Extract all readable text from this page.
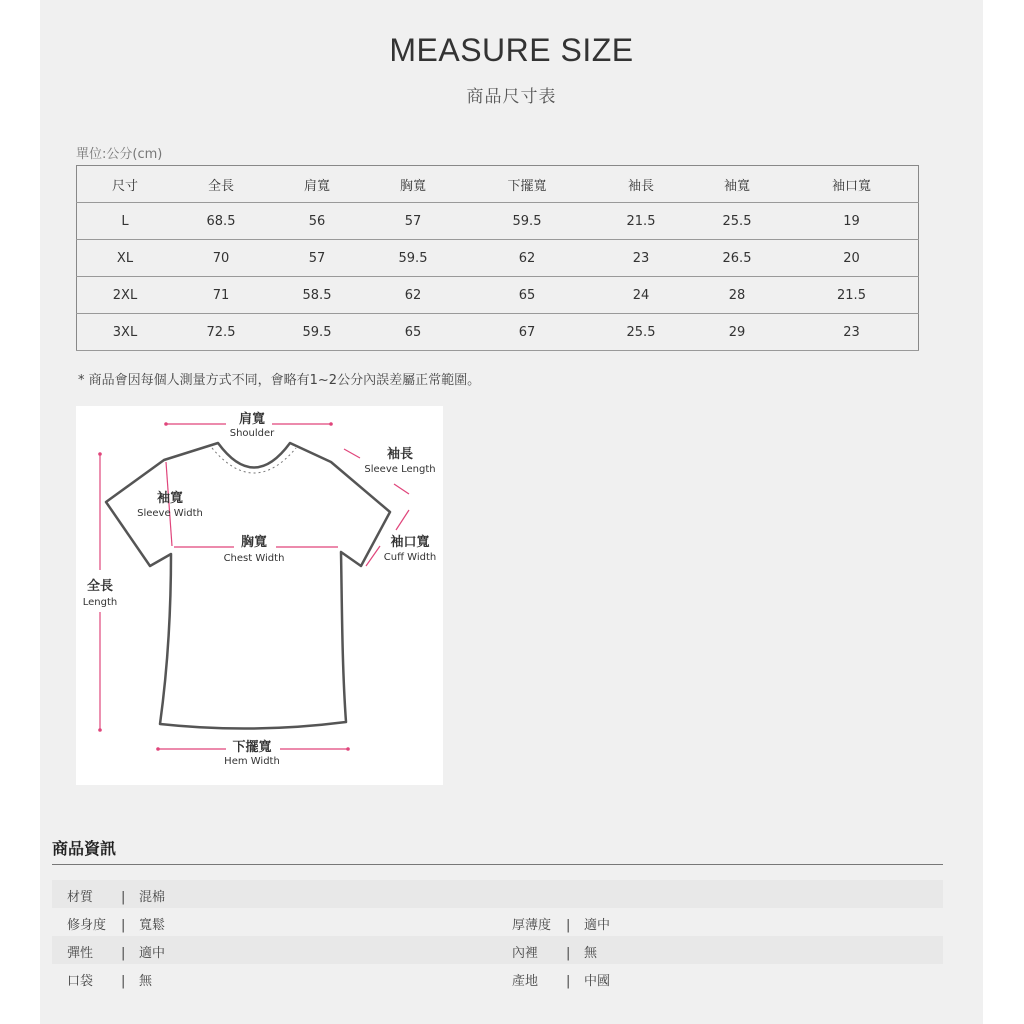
MEASURE SIZE
商品尺寸表
單位:公分(cm)
尺寸	全長	肩寬	胸寬	下擺寬	袖長	袖寬	袖口寬
L	68.5	56	57	59.5	21.5	25.5	19
XL	70	57	59.5	62	23	26.5	20
2XL	71	58.5	62	65	24	28	21.5
3XL	72.5	59.5	65	67	25.5	29	23
* 商品會因每個人測量方式不同，會略有1~2公分內誤差屬正常範圍。
肩寬
Shoulder
袖長
Sleeve Length
袖寬
Sleeve Width
胸寬
Chest Width
袖口寬
Cuff Width
全長
Length
下擺寬
Hem Width
商品資訊
材質 | 混棉
修身度 | 寬鬆	厚薄度 | 適中
彈性 | 適中	內裡 | 無
口袋 | 無	產地 | 中國
